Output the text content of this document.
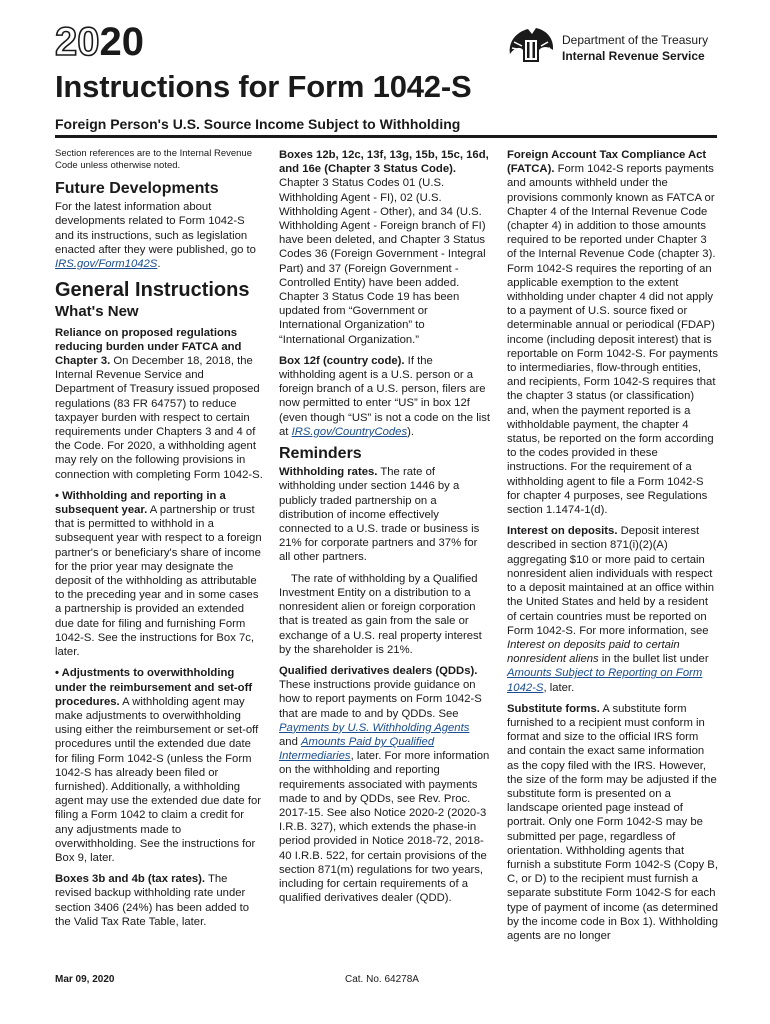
2020	Department of the Treasury
Internal Revenue Service
Instructions for Form 1042-S
Foreign Person's U.S. Source Income Subject to Withholding

Section references are to the Internal Revenue Code unless otherwise noted.

Future Developments

For the latest information about developments related to Form 1042-S and its instructions, such as legislation enacted after they were published, go to IRS.gov/Form1042S.

General Instructions
What's New

Reliance on proposed regulations reducing burden under FATCA and Chapter 3. On December 18, 2018, the Internal Revenue Service and Department of Treasury issued proposed regulations (83 FR 64757) to reduce taxpayer burden with respect to certain requirements under Chapters 3 and 4 of the Code. For 2020, a withholding agent may rely on the following provisions in connection with completing Form 1042-S.

• Withholding and reporting in a subsequent year. A partnership or trust that is permitted to withhold in a subsequent year with respect to a foreign partner's or beneficiary's share of income for the prior year may designate the deposit of the withholding as attributable to the preceding year and in some cases a partnership is provided an extended due date for filing and furnishing Form 1042-S. See the instructions for Box 7c, later.

• Adjustments to overwithholding under the reimbursement and set-off procedures. A withholding agent may make adjustments to overwithholding using either the reimbursement or set-off procedures until the extended due date for filing Form 1042-S (unless the Form 1042-S has already been filed or furnished). Additionally, a withholding agent may use the extended due date for filing a Form 1042 to claim a credit for any adjustments made to overwithholding. See the instructions for Box 9, later.

Boxes 3b and 4b (tax rates). The revised backup withholding rate under section 3406 (24%) has been added to the Valid Tax Rate Table, later.

Boxes 12b, 12c, 13f, 13g, 15b, 15c, 16d, and 16e (Chapter 3 Status Code). Chapter 3 Status Codes 01 (U.S. Withholding Agent - FI), 02 (U.S. Withholding Agent - Other), and 34 (U.S. Withholding Agent - Foreign branch of FI) have been deleted, and Chapter 3 Status Codes 36 (Foreign Government - Integral Part) and 37 (Foreign Government - Controlled Entity) have been added. Chapter 3 Status Code 19 has been updated from “Government or International Organization” to “International Organization.”

Box 12f (country code). If the withholding agent is a U.S. person or a foreign branch of a U.S. person, filers are now permitted to enter “US” in box 12f (even though “US” is not a code on the list at IRS.gov/CountryCodes).

Reminders

Withholding rates. The rate of withholding under section 1446 by a publicly traded partnership on a distribution of income effectively connected to a U.S. trade or business is 21% for corporate partners and 37% for all other partners.

The rate of withholding by a Qualified Investment Entity on a distribution to a nonresident alien or foreign corporation that is treated as gain from the sale or exchange of a U.S. real property interest by the shareholder is 21%.

Qualified derivatives dealers (QDDs). These instructions provide guidance on how to report payments on Form 1042-S that are made to and by QDDs. See Payments by U.S. Withholding Agents and Amounts Paid by Qualified Intermediaries, later. For more information on the withholding and reporting requirements associated with payments made to and by QDDs, see Rev. Proc. 2017-15. See also Notice 2020-2 (2020-3 I.R.B. 327), which extends the phase-in period provided in Notice 2018-72, 2018-40 I.R.B. 522, for certain provisions of the section 871(m) regulations for two years, including for certain requirements of a qualified derivatives dealer (QDD).

Foreign Account Tax Compliance Act (FATCA). Form 1042-S reports payments and amounts withheld under the provisions commonly known as FATCA or Chapter 4 of the Internal Revenue Code (chapter 4) in addition to those amounts required to be reported under Chapter 3 of the Internal Revenue Code (chapter 3). Form 1042-S requires the reporting of an applicable exemption to the extent withholding under chapter 4 did not apply to a payment of U.S. source fixed or determinable annual or periodical (FDAP) income (including deposit interest) that is reportable on Form 1042-S. For payments to intermediaries, flow-through entities, and recipients, Form 1042-S requires that the chapter 3 status (or classification) and, when the payment reported is a withholdable payment, the chapter 4 status, be reported on the form according to the codes provided in these instructions. For the requirement of a withholding agent to file a Form 1042-S for chapter 4 purposes, see Regulations section 1.1474-1(d).

Interest on deposits. Deposit interest described in section 871(i)(2)(A) aggregating $10 or more paid to certain nonresident alien individuals with respect to a deposit maintained at an office within the United States and held by a resident of certain countries must be reported on Form 1042-S. For more information, see Interest on deposits paid to certain nonresident aliens in the bullet list under Amounts Subject to Reporting on Form 1042-S, later.

Substitute forms. A substitute form furnished to a recipient must conform in format and size to the official IRS form and contain the exact same information as the copy filed with the IRS. However, the size of the form may be adjusted if the substitute form is presented on a landscape oriented page instead of portrait. Only one Form 1042-S may be submitted per page, regardless of orientation. Withholding agents that furnish a substitute Form 1042-S (Copy B, C, or D) to the recipient must furnish a separate substitute Form 1042-S for each type of payment of income (as determined by the income code in Box 1). Withholding agents are no longer

Mar 09, 2020	Cat. No. 64278A
